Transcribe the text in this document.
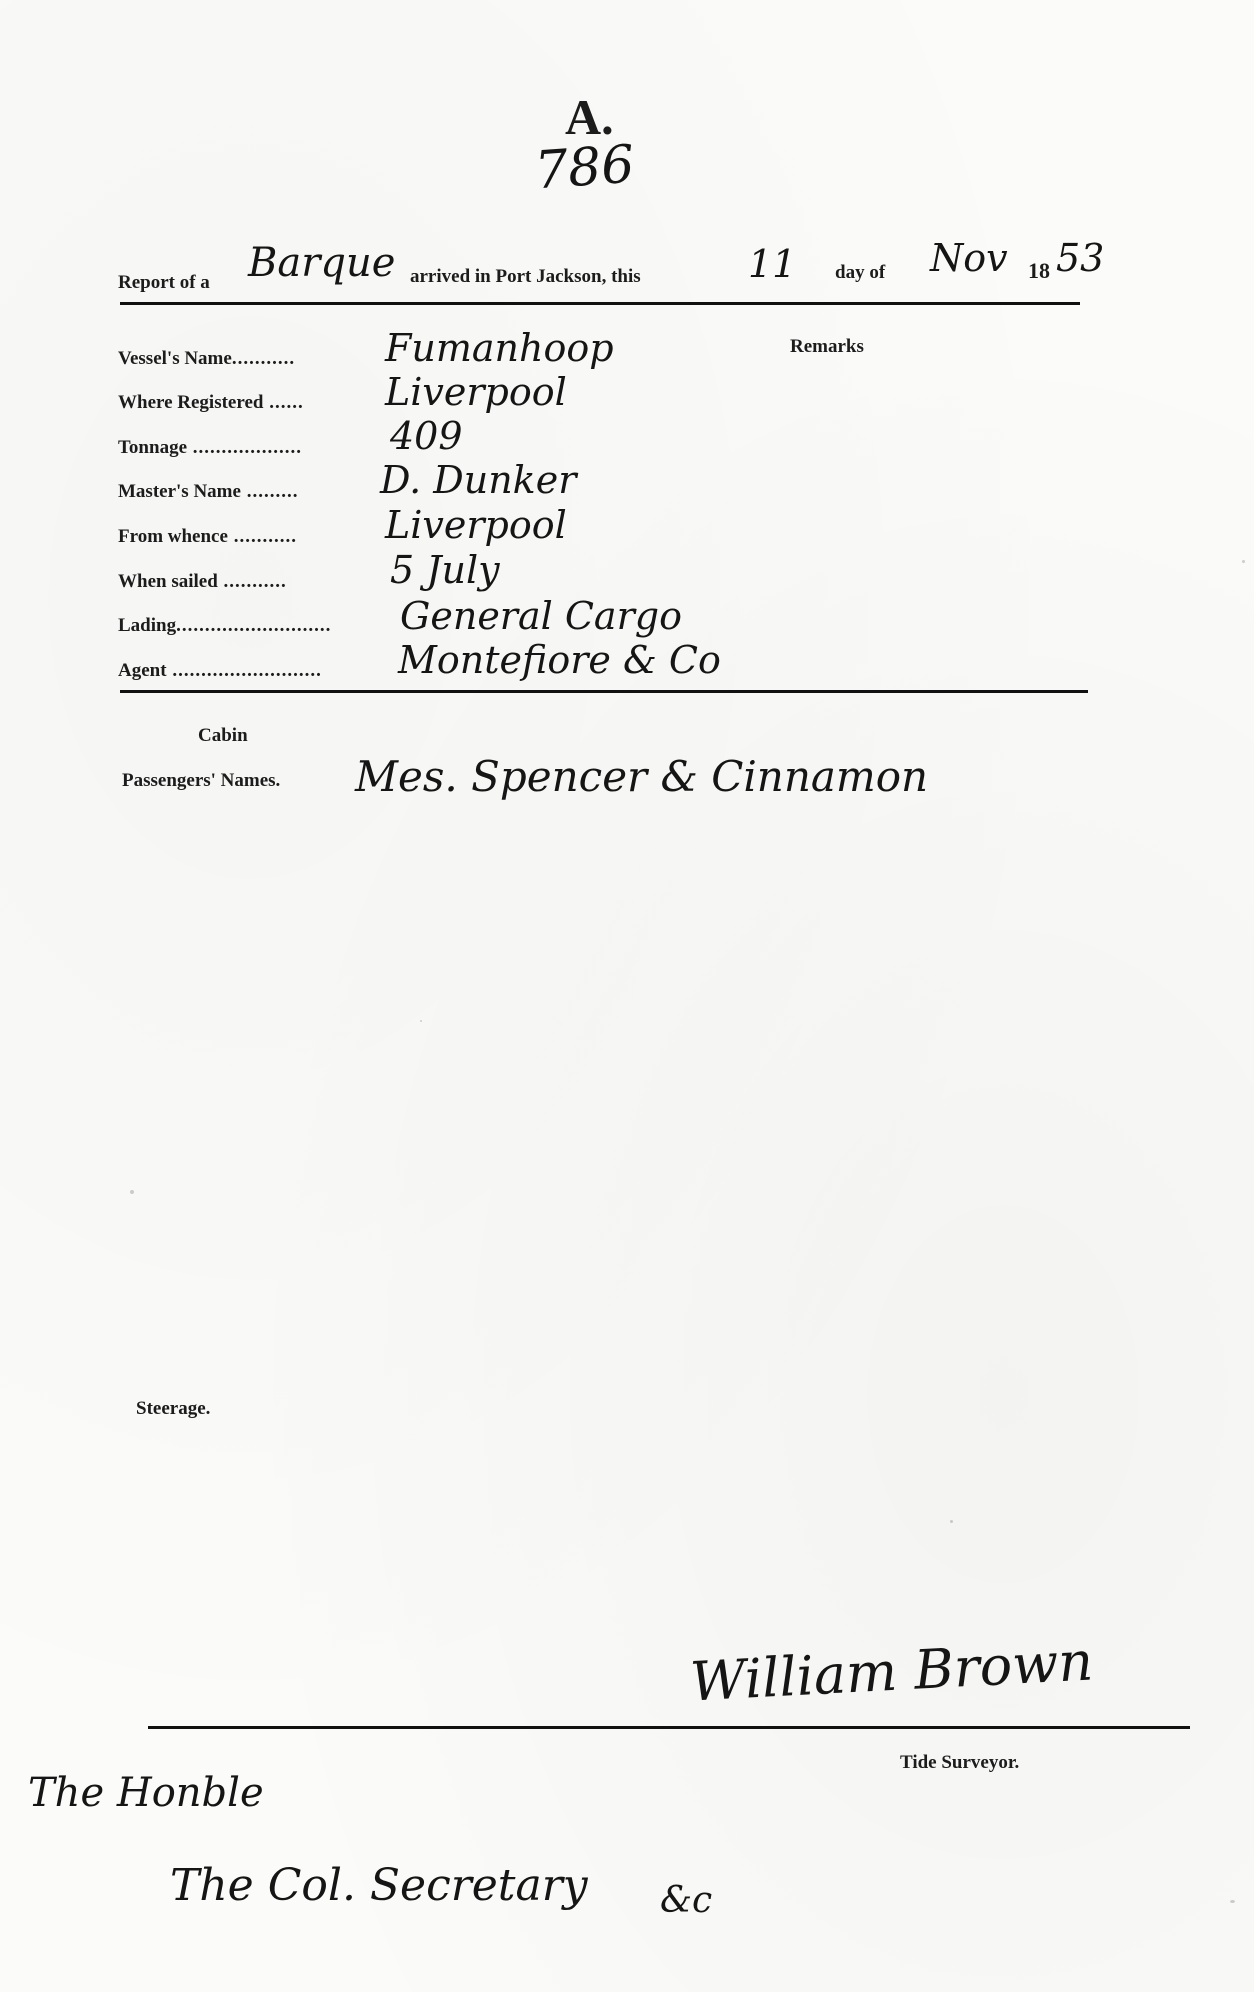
A.
786
Report of a Barque arrived in Port Jackson, this	11 day of Nov 18 53
Vessel's Name...........
Where Registered ......
Tonnage ...................
Master's Name .........
From whence ...........
When sailed ...........
Lading...........................
Agent ..........................
Remarks
Fumanhoop
Liverpool
409
D. Dunker
Liverpool
5 July
General Cargo
Montefiore & Co
Cabin
Passengers' Names. Mes. Spencer & Cinnamon
Steerage.
William Brown
Tide Surveyor.
The Honble
The Col. Secretary &c
